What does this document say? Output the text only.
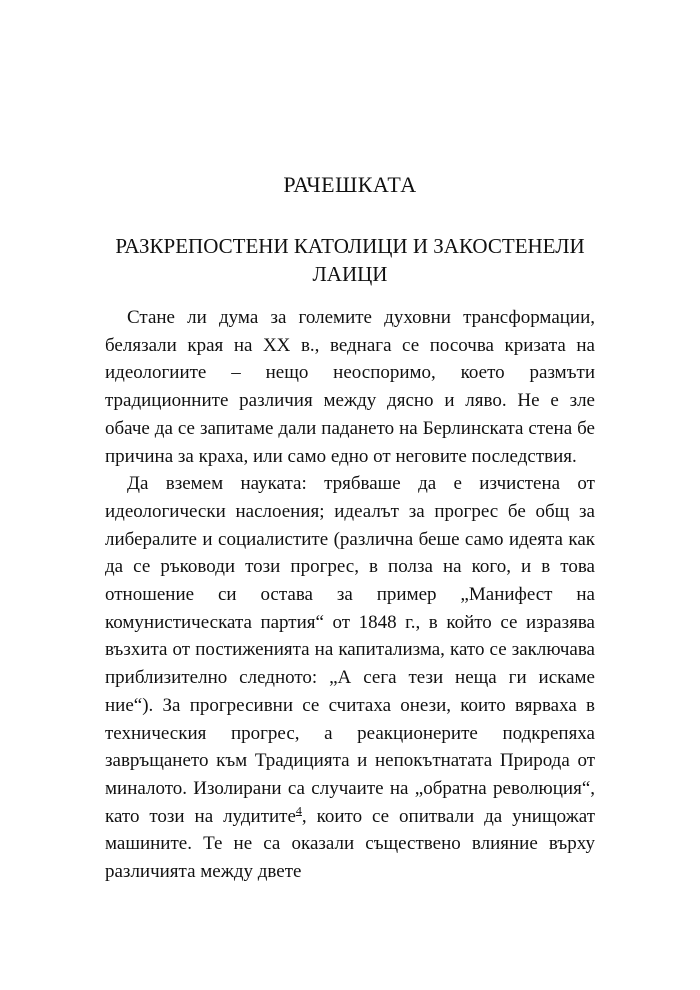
РАЧЕШКАТА
РАЗКРЕПОСТЕНИ КАТОЛИЦИ И ЗАКОСТЕНЕЛИ ЛАИЦИ

Стане ли дума за големите духовни трансформации, белязали края на XX в., веднага се посочва кризата на идеологиите – нещо неоспоримо, което размъти традиционните различия между дясно и ляво. Не е зле обаче да се запитаме дали падането на Берлинската стена бе причина за краха, или само едно от неговите последствия.

Да вземем науката: трябваше да е изчистена от идеологически наслоения; идеалът за прогрес бе общ за либералите и социалистите (различна беше само идеята как да се ръководи този прогрес, в полза на кого, и в това отношение си остава за пример „Манифест на комунистическата партия“ от 1848 г., в който се изразява възхита от постиженията на капитализма, като се заключава приблизително следното: „А сега тези неща ги искаме ние“). За прогресивни се считаха онези, които вярваха в техническия прогрес, а реакционерите подкрепяха завръщането към Традицията и непокътнатата Природа от миналото. Изолирани са случаите на „обратна революция“, като този на лудитите$^4$, които се опитвали да унищожат машините. Те не са оказали съществено влияние върху различията между двете
